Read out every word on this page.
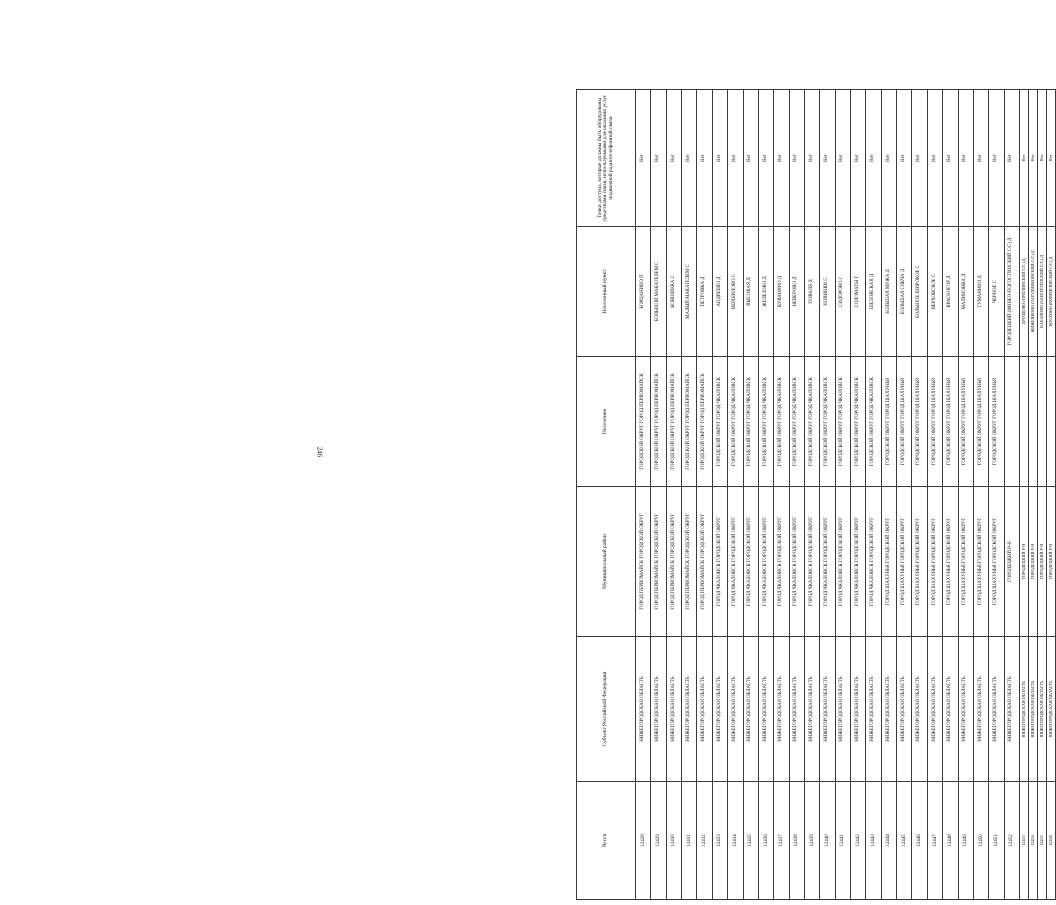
246
№ п/п	Субъект Российской Федерации	Муниципальный район	Поселение	Населенный пункт	Точки доступа, которые должны быть оборудованы средствами связи, используемыми для оказания услуг подвижной радиотелефонной связи
12428	НИЖЕГОРОДСКАЯ ОБЛАСТЬ	ГОРОД ПЕРВОМАЙСК ГОРОДСКОЙ ОКРУГ	ГОРОДСКОЙ ОКРУГ ГОРОД ПЕРВОМАЙСК	БОРЦАНИНО П	Нет
12429	НИЖЕГОРОДСКАЯ ОБЛАСТЬ	ГОРОД ПЕРВОМАЙСК ГОРОДСКОЙ ОКРУГ	ГОРОДСКОЙ ОКРУГ ГОРОД ПЕРВОМАЙСК	БОЛЬШОЙ МАКАТЕЛЕМ С	Нет
12430	НИЖЕГОРОДСКАЯ ОБЛАСТЬ	ГОРОД ПЕРВОМАЙСК ГОРОДСКОЙ ОКРУГ	ГОРОДСКОЙ ОКРУГ ГОРОД ПЕРВОМАЙСК	КОВШИНКА С	Нет
12431	НИЖЕГОРОДСКАЯ ОБЛАСТЬ	ГОРОД ПЕРВОМАЙСК ГОРОДСКОЙ ОКРУГ	ГОРОДСКОЙ ОКРУГ ГОРОД ПЕРВОМАЙСК	МАЛЫЙ МАКАТЕЛЕМ С	Нет
12432	НИЖЕГОРОДСКАЯ ОБЛАСТЬ	ГОРОД ПЕРВОМАЙСК ГОРОДСКОЙ ОКРУГ	ГОРОДСКОЙ ОКРУГ ГОРОД ПЕРВОМАЙСК	ПЕТРОВКА Д	Нет
12433	НИЖЕГОРОДСКАЯ ОБЛАСТЬ	ГОРОД ЧКАЛОВСК ГОРОДСКОЙ ОКРУГ	ГОРОДСКОЙ ОКРУГ ГОРОД ЧКАЛОВСК	АНДРЕЕВО Д	Нет
12434	НИЖЕГОРОДСКАЯ ОБЛАСТЬ	ГОРОД ЧКАЛОВСК ГОРОДСКОЙ ОКРУГ	ГОРОДСКОЙ ОКРУГ ГОРОД ЧКАЛОВСК	ВЕРШИЛОВО С	Нет
12435	НИЖЕГОРОДСКАЯ ОБЛАСТЬ	ГОРОД ЧКАЛОВСК ГОРОДСКОЙ ОКРУГ	ГОРОДСКОЙ ОКРУГ ГОРОД ЧКАЛОВСК	ВЫСОКАЯ Д	Нет
12436	НИЖЕГОРОДСКАЯ ОБЛАСТЬ	ГОРОД ЧКАЛОВСК ГОРОДСКОЙ ОКРУГ	ГОРОДСКОЙ ОКРУГ ГОРОД ЧКАЛОВСК	ЖЕЛЕЗОВО Д	Нет
12437	НИЖЕГОРОДСКАЯ ОБЛАСТЬ	ГОРОД ЧКАЛОВСК ГОРОДСКОЙ ОКРУГ	ГОРОДСКОЙ ОКРУГ ГОРОД ЧКАЛОВСК	КУВАНИНО Д	Нет
12438	НИЖЕГОРОДСКАЯ ОБЛАСТЬ	ГОРОД ЧКАЛОВСК ГОРОДСКОЙ ОКРУГ	ГОРОДСКОЙ ОКРУГ ГОРОД ЧКАЛОВСК	НЕВЕРОВО Д	Нет
12439	НИЖЕГОРОДСКАЯ ОБЛАСТЬ	ГОРОД ЧКАЛОВСК ГОРОДСКОЙ ОКРУГ	ГОРОДСКОЙ ОКРУГ ГОРОД ЧКАЛОВСК	ПОВАЛЯ Д	Нет
12440	НИЖЕГОРОДСКАЯ ОБЛАСТЬ	ГОРОД ЧКАЛОВСК ГОРОДСКОЙ ОКРУГ	ГОРОДСКОЙ ОКРУГ ГОРОД ЧКАЛОВСК	НОВИНКИ С	Нет
12441	НИЖЕГОРОДСКАЯ ОБЛАСТЬ	ГОРОД ЧКАЛОВСК ГОРОДСКОЙ ОКРУГ	ГОРОДСКОЙ ОКРУГ ГОРОД ЧКАЛОВСК	СИДОРОВО С	Нет
12442	НИЖЕГОРОДСКАЯ ОБЛАСТЬ	ГОРОД ЧКАЛОВСК ГОРОДСКОЙ ОКРУГ	ГОРОДСКОЙ ОКРУГ ГОРОД ЧКАЛОВСК	СОЛОМАТЫ Г	Нет
12443	НИЖЕГОРОДСКАЯ ОБЛАСТЬ	ГОРОД ЧКАЛОВСК ГОРОДСКОЙ ОКРУГ	ГОРОДСКОЙ ОКРУГ ГОРОД ЧКАЛОВСК	ШЕЛОВСКАЯ Д	Нет
12444	НИЖЕГОРОДСКАЯ ОБЛАСТЬ	ГОРОД ШАХУНЬЯ ГОРОДСКОЙ ОКРУГ	ГОРОДСКОЙ ОКРУГ ГОРОД ШАХУНЬЯ	БОЛЬШАЯ МУЖА Д	Нет
12445	НИЖЕГОРОДСКАЯ ОБЛАСТЬ	ГОРОД ШАХУНЬЯ ГОРОДСКОЙ ОКРУГ	ГОРОДСКОЙ ОКРУГ ГОРОД ШАХУНЬЯ	БОЛЬШАЯ СЯКЧА Д	Нет
12446	НИЖЕГОРОДСКАЯ ОБЛАСТЬ	ГОРОД ШАХУНЬЯ ГОРОДСКОЙ ОКРУГ	ГОРОДСКОЙ ОКРУГ ГОРОД ШАХУНЬЯ	БОЛЬШОЕ ШИРОКОЕ С	Нет
12447	НИЖЕГОРОДСКАЯ ОБЛАСТЬ	ГОРОД ШАХУНЬЯ ГОРОДСКОЙ ОКРУГ	ГОРОДСКОЙ ОКРУГ ГОРОД ШАХУНЬЯ	ВЕРХОВСКОЕ С	Нет
12448	НИЖЕГОРОДСКАЯ ОБЛАСТЬ	ГОРОД ШАХУНЬЯ ГОРОДСКОЙ ОКРУГ	ГОРОДСКОЙ ОКРУГ ГОРОД ШАХУНЬЯ	КРАСНОГОР Д	Нет
12449	НИЖЕГОРОДСКАЯ ОБЛАСТЬ	ГОРОД ШАХУНЬЯ ГОРОДСКОЙ ОКРУГ	ГОРОДСКОЙ ОКРУГ ГОРОД ШАХУНЬЯ	МАЛИНОВКА Д	Нет
12450	НИЖЕГОРОДСКАЯ ОБЛАСТЬ	ГОРОД ШАХУНЬЯ ГОРОДСКОЙ ОКРУГ	ГОРОДСКОЙ ОКРУГ ГОРОД ШАХУНЬЯ	ТУМАНИНО Д	Нет
12451	НИЖЕГОРОДСКАЯ ОБЛАСТЬ	ГОРОД ШАХУНЬЯ ГОРОДСКОЙ ОКРУГ	ГОРОДСКОЙ ОКРУГ ГОРОД ШАХУНЬЯ	ЧЕРНОЕ С	Нет
12452	НИЖЕГОРОДСКАЯ ОБЛАСТЬ	ГОРОДЕЦКИЙ Р-Н		ГОРОДЕЦКИЙ (ФИНЕО-ПОГОСТИНСКИЙ С/С) Д	Нет
12453	НИЖЕГОРОДСКАЯ ОБЛАСТЬ	ГОРОДЕЦКИЙ Р-Н		ДРОЗДОВО (ПРИЛИВСКИЙ С/С) Д	Нет
12454	НИЖЕГОРОДСКАЯ ОБЛАСТЬ	ГОРОДЕЦКИЙ Р-Н		ЖИЖЕНКОВО (ЗАРУДНИКОВСКИЙ С/С) Д	Нет
12455	НИЖЕГОРОДСКАЯ ОБЛАСТЬ	ГОРОДЕЦКИЙ Р-Н		КАБАНОВО (ЗАБЕРЁЗЕНСКИЙ С/С) Д	Нет
12456	НИЖЕГОРОДСКАЯ ОБЛАСТЬ	ГОРОДЕЦКИЙ Р-Н		КОСКОВО (КОВРИГИНСКИЙ С/С) Д	Нет
